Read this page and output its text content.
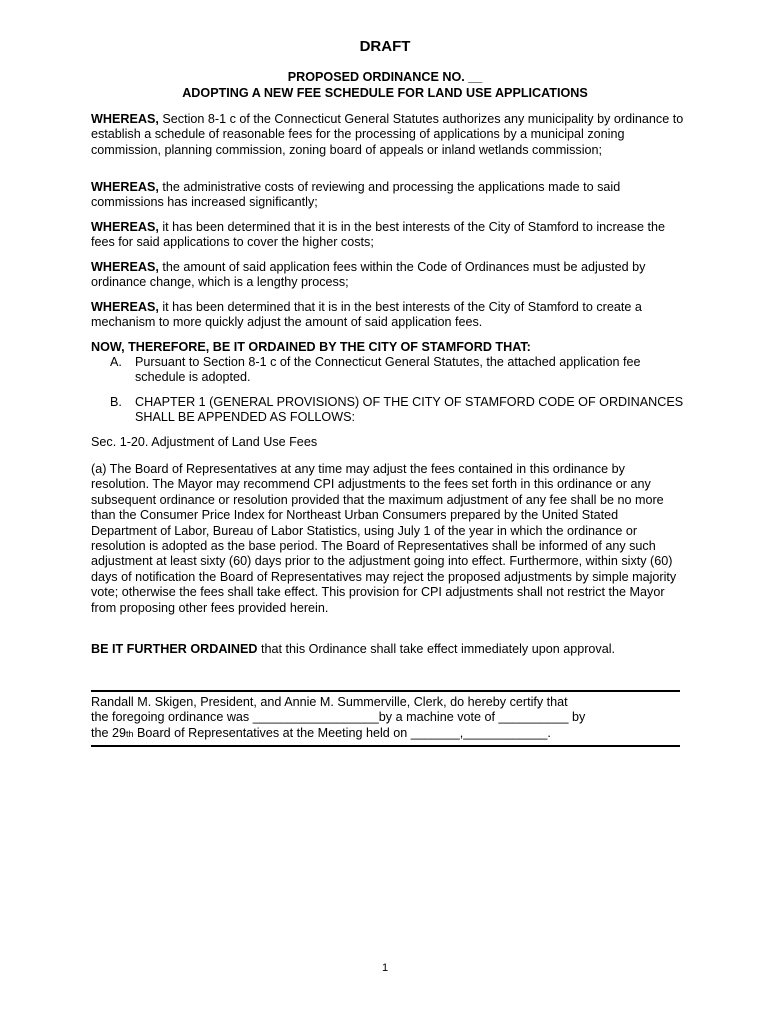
DRAFT
PROPOSED ORDINANCE NO. __
ADOPTING A NEW FEE SCHEDULE FOR LAND USE APPLICATIONS

WHEREAS, Section 8-1 c of the Connecticut General Statutes authorizes any municipality by ordinance to establish a schedule of reasonable fees for the processing of applications by a municipal zoning commission, planning commission, zoning board of appeals or inland wetlands commission;

WHEREAS, the administrative costs of reviewing and processing the applications made to said commissions has increased significantly;

WHEREAS, it has been determined that it is in the best interests of the City of Stamford to increase the fees for said applications to cover the higher costs;

WHEREAS, the amount of said application fees within the Code of Ordinances must be adjusted by ordinance change, which is a lengthy process;

WHEREAS, it has been determined that it is in the best interests of the City of Stamford to create a mechanism to more quickly adjust the amount of said application fees.

NOW, THEREFORE, BE IT ORDAINED BY THE CITY OF STAMFORD THAT:
A. Pursuant to Section 8-1 c of the Connecticut General Statutes, the attached application fee schedule is adopted.
B. CHAPTER 1 (GENERAL PROVISIONS) OF THE CITY OF STAMFORD CODE OF ORDINANCES SHALL BE APPENDED AS FOLLOWS:
Sec. 1-20. Adjustment of Land Use Fees
(a) The Board of Representatives at any time may adjust the fees contained in this ordinance by resolution. The Mayor may recommend CPI adjustments to the fees set forth in this ordinance or any subsequent ordinance or resolution provided that the maximum adjustment of any fee shall be no more than the Consumer Price Index for Northeast Urban Consumers prepared by the United Stated Department of Labor, Bureau of Labor Statistics, using July 1 of the year in which the ordinance or resolution is adopted as the base period. The Board of Representatives shall be informed of any such adjustment at least sixty (60) days prior to the adjustment going into effect. Furthermore, within sixty (60) days of notification the Board of Representatives may reject the proposed adjustments by simple majority vote; otherwise the fees shall take effect. This provision for CPI adjustments shall not restrict the Mayor from proposing other fees provided herein.

BE IT FURTHER ORDAINED that this Ordinance shall take effect immediately upon approval.

Randall M. Skigen, President, and Annie M. Summerville, Clerk, do hereby certify that
the foregoing ordinance was __________________by a machine vote of __________ by
the 29th Board of Representatives at the Meeting held on _______,____________.
1
